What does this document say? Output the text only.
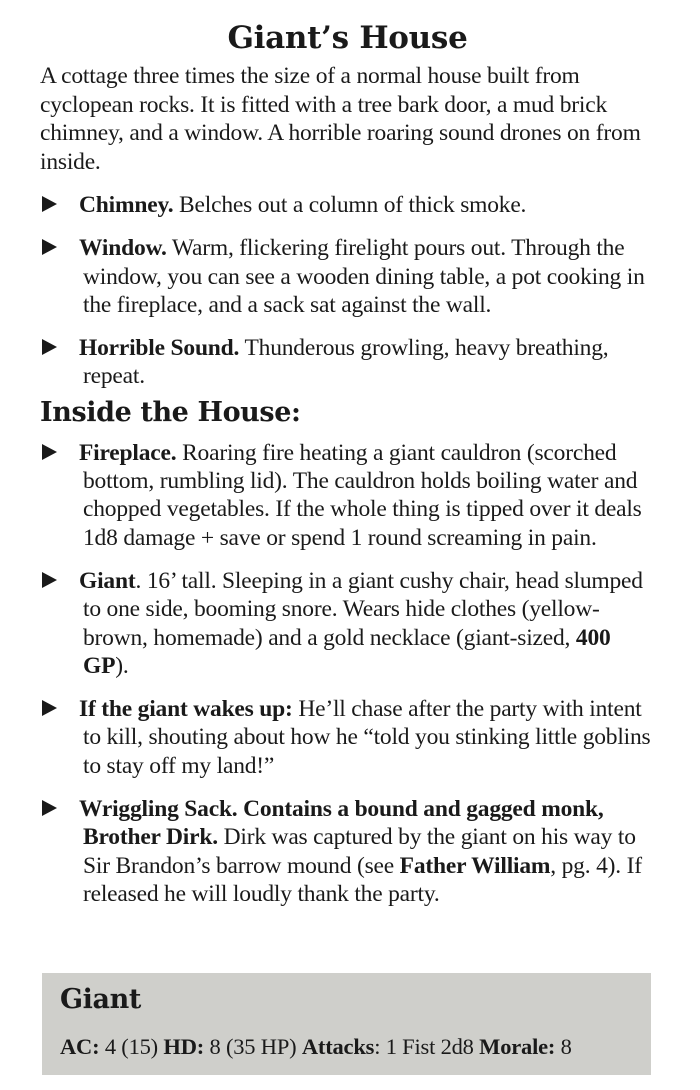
Giant’s House

A cottage three times the size of a normal house built from cyclopean rocks. It is fitted with a tree bark door, a mud brick chimney, and a window. A horrible roaring sound drones on from inside.

Chimney. Belches out a column of thick smoke.
Window. Warm, flickering firelight pours out. Through the window, you can see a wooden dining table, a pot cooking in the fireplace, and a sack sat against the wall.
Horrible Sound. Thunderous growling, heavy breathing, repeat.
Inside the House:
Fireplace. Roaring fire heating a giant cauldron (scorched bottom, rumbling lid). The cauldron holds boiling water and chopped vegetables. If the whole thing is tipped over it deals 1d8 damage + save or spend 1 round screaming in pain.
Giant. 16’ tall. Sleeping in a giant cushy chair, head slumped to one side, booming snore. Wears hide clothes (yellow-brown, homemade) and a gold necklace (giant-sized, 400 GP).
If the giant wakes up: He’ll chase after the party with intent to kill, shouting about how he “told you stinking little goblins to stay off my land!”
Wriggling Sack. Contains a bound and gagged monk, Brother Dirk. Dirk was captured by the giant on his way to Sir Brandon’s barrow mound (see Father William, pg. 4). If released he will loudly thank the party.
Giant
AC: 4 (15) HD: 8 (35 HP) Attacks: 1 Fist 2d8 Morale: 8
